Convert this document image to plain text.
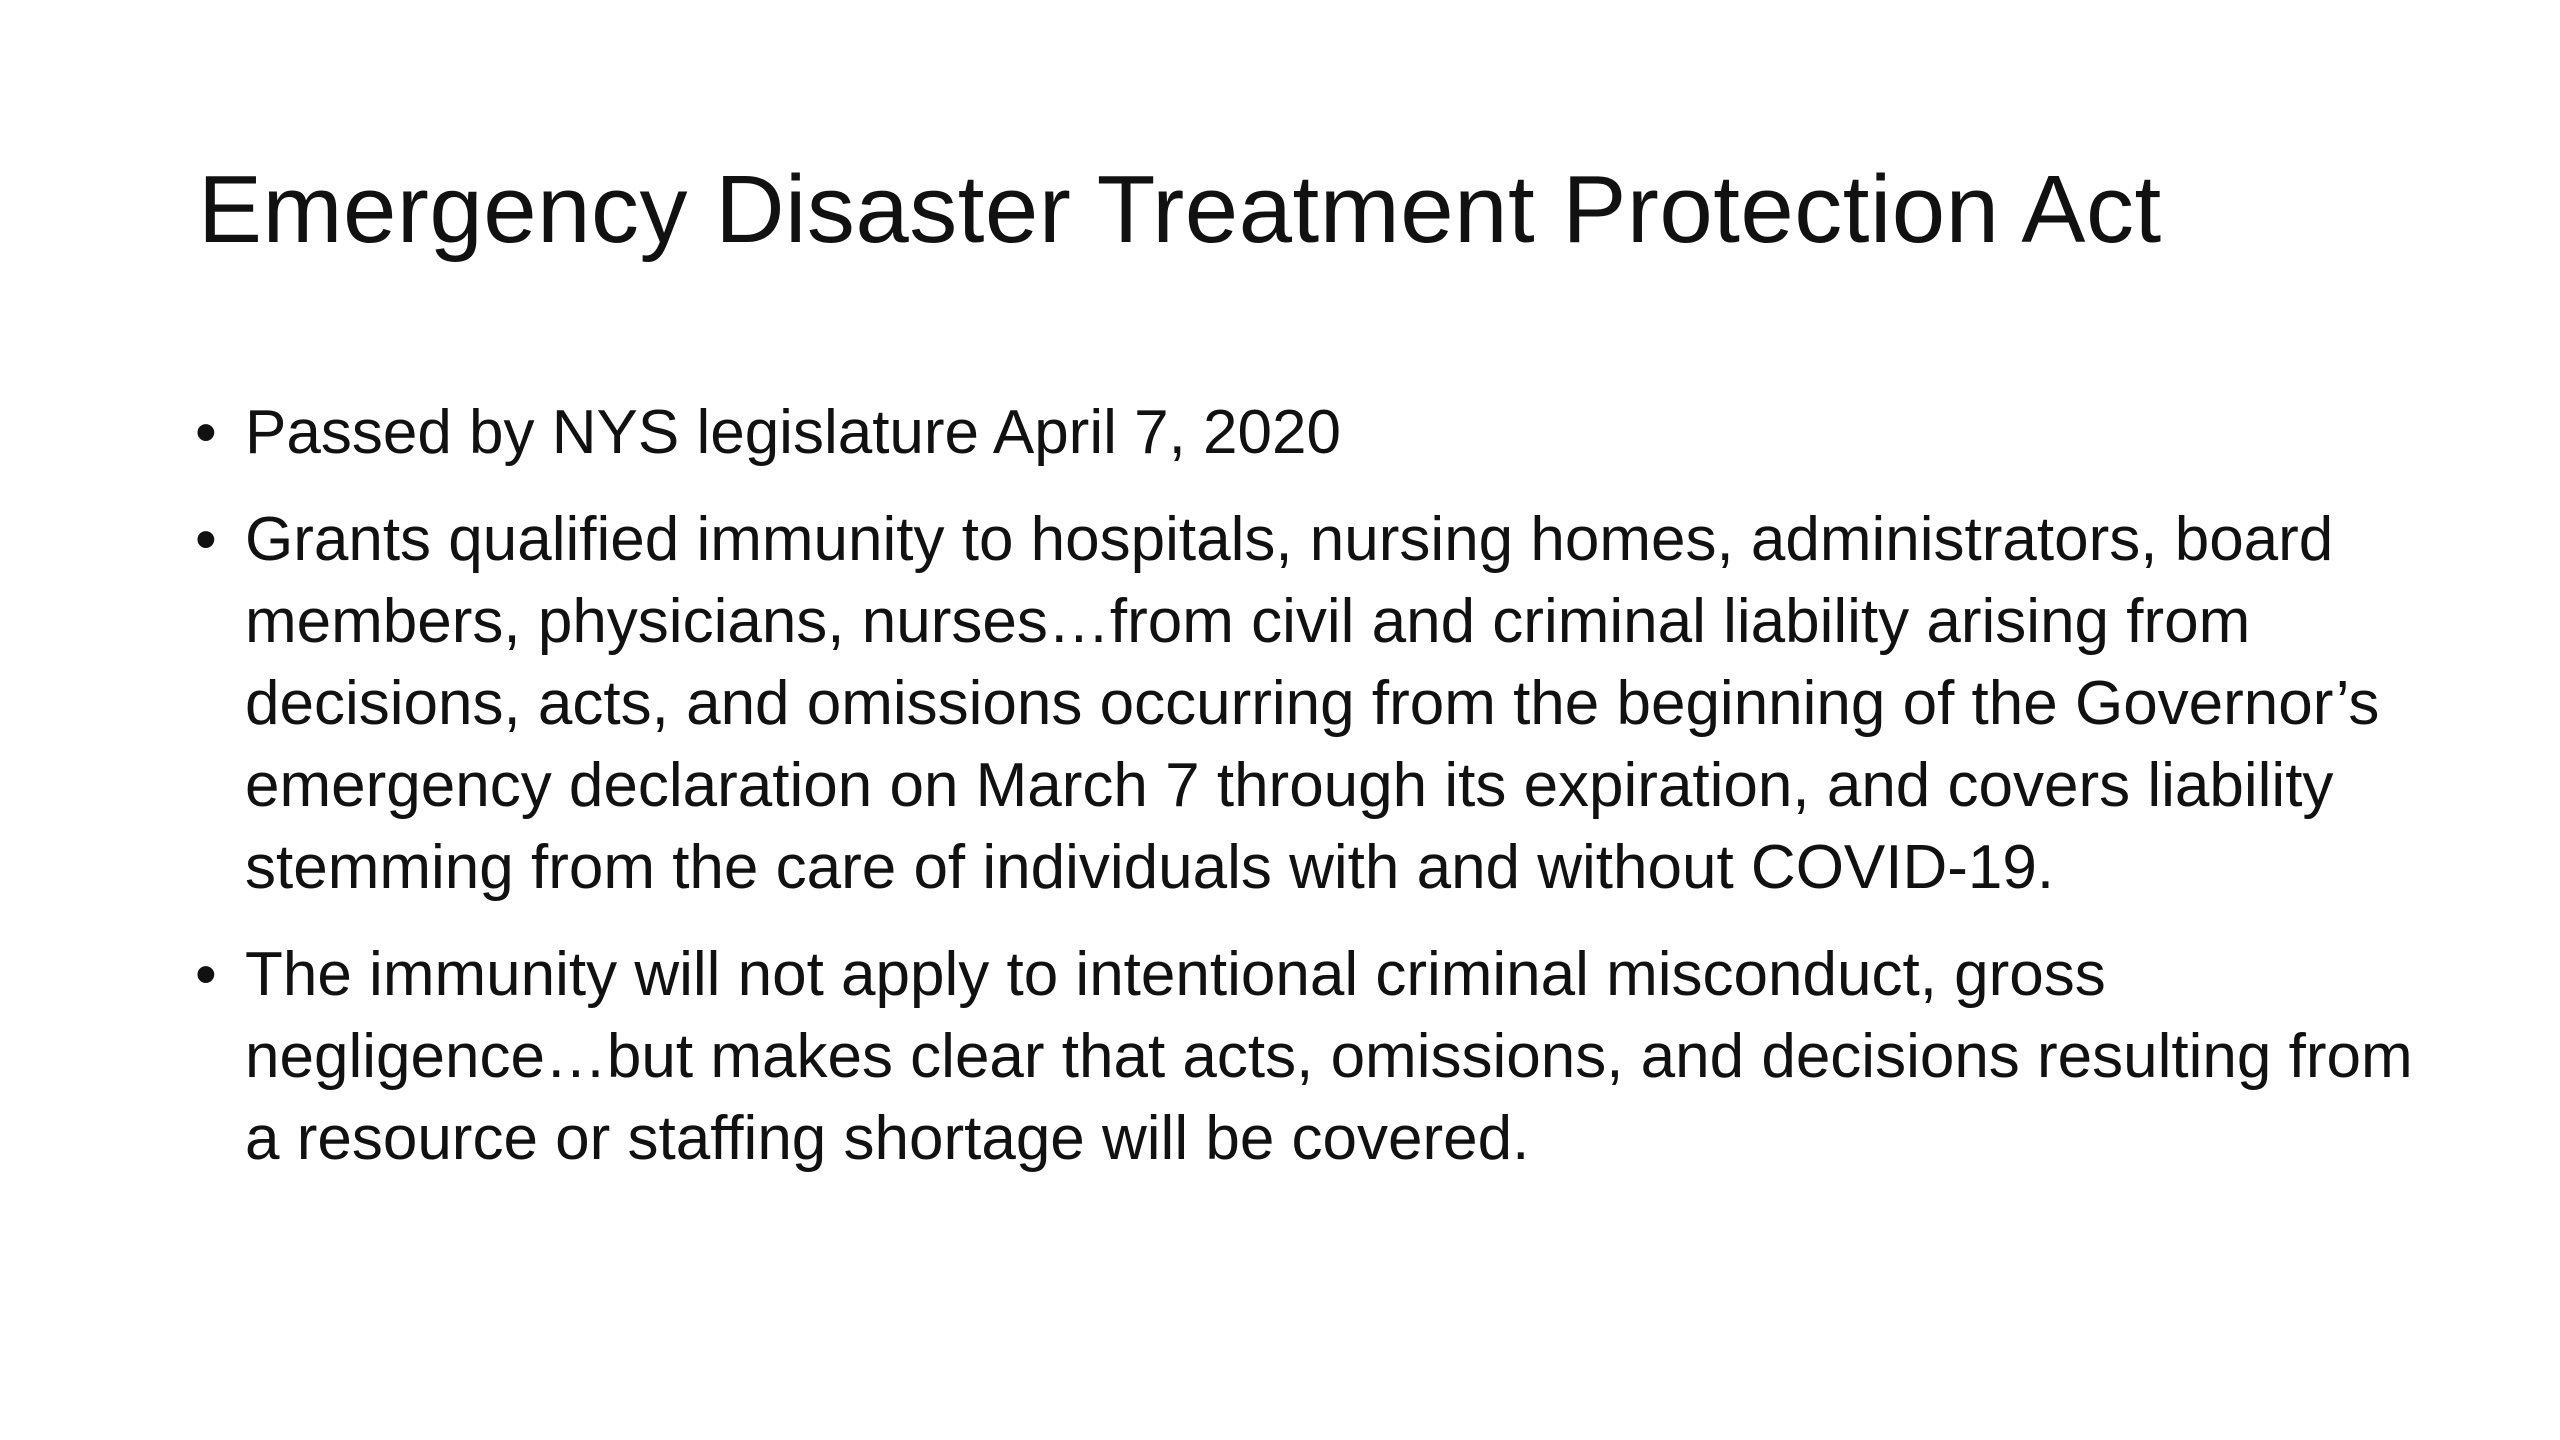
Emergency Disaster Treatment Protection Act
• Passed by NYS legislature April 7, 2020
• Grants qualified immunity to hospitals, nursing homes, administrators, board members, physicians, nurses…from civil and criminal liability arising from decisions, acts, and omissions occurring from the beginning of the Governor’s emergency declaration on March 7 through its expiration, and covers liability stemming from the care of individuals with and without COVID-19.
• The immunity will not apply to intentional criminal misconduct, gross negligence…but makes clear that acts, omissions, and decisions resulting from a resource or staffing shortage will be covered.
